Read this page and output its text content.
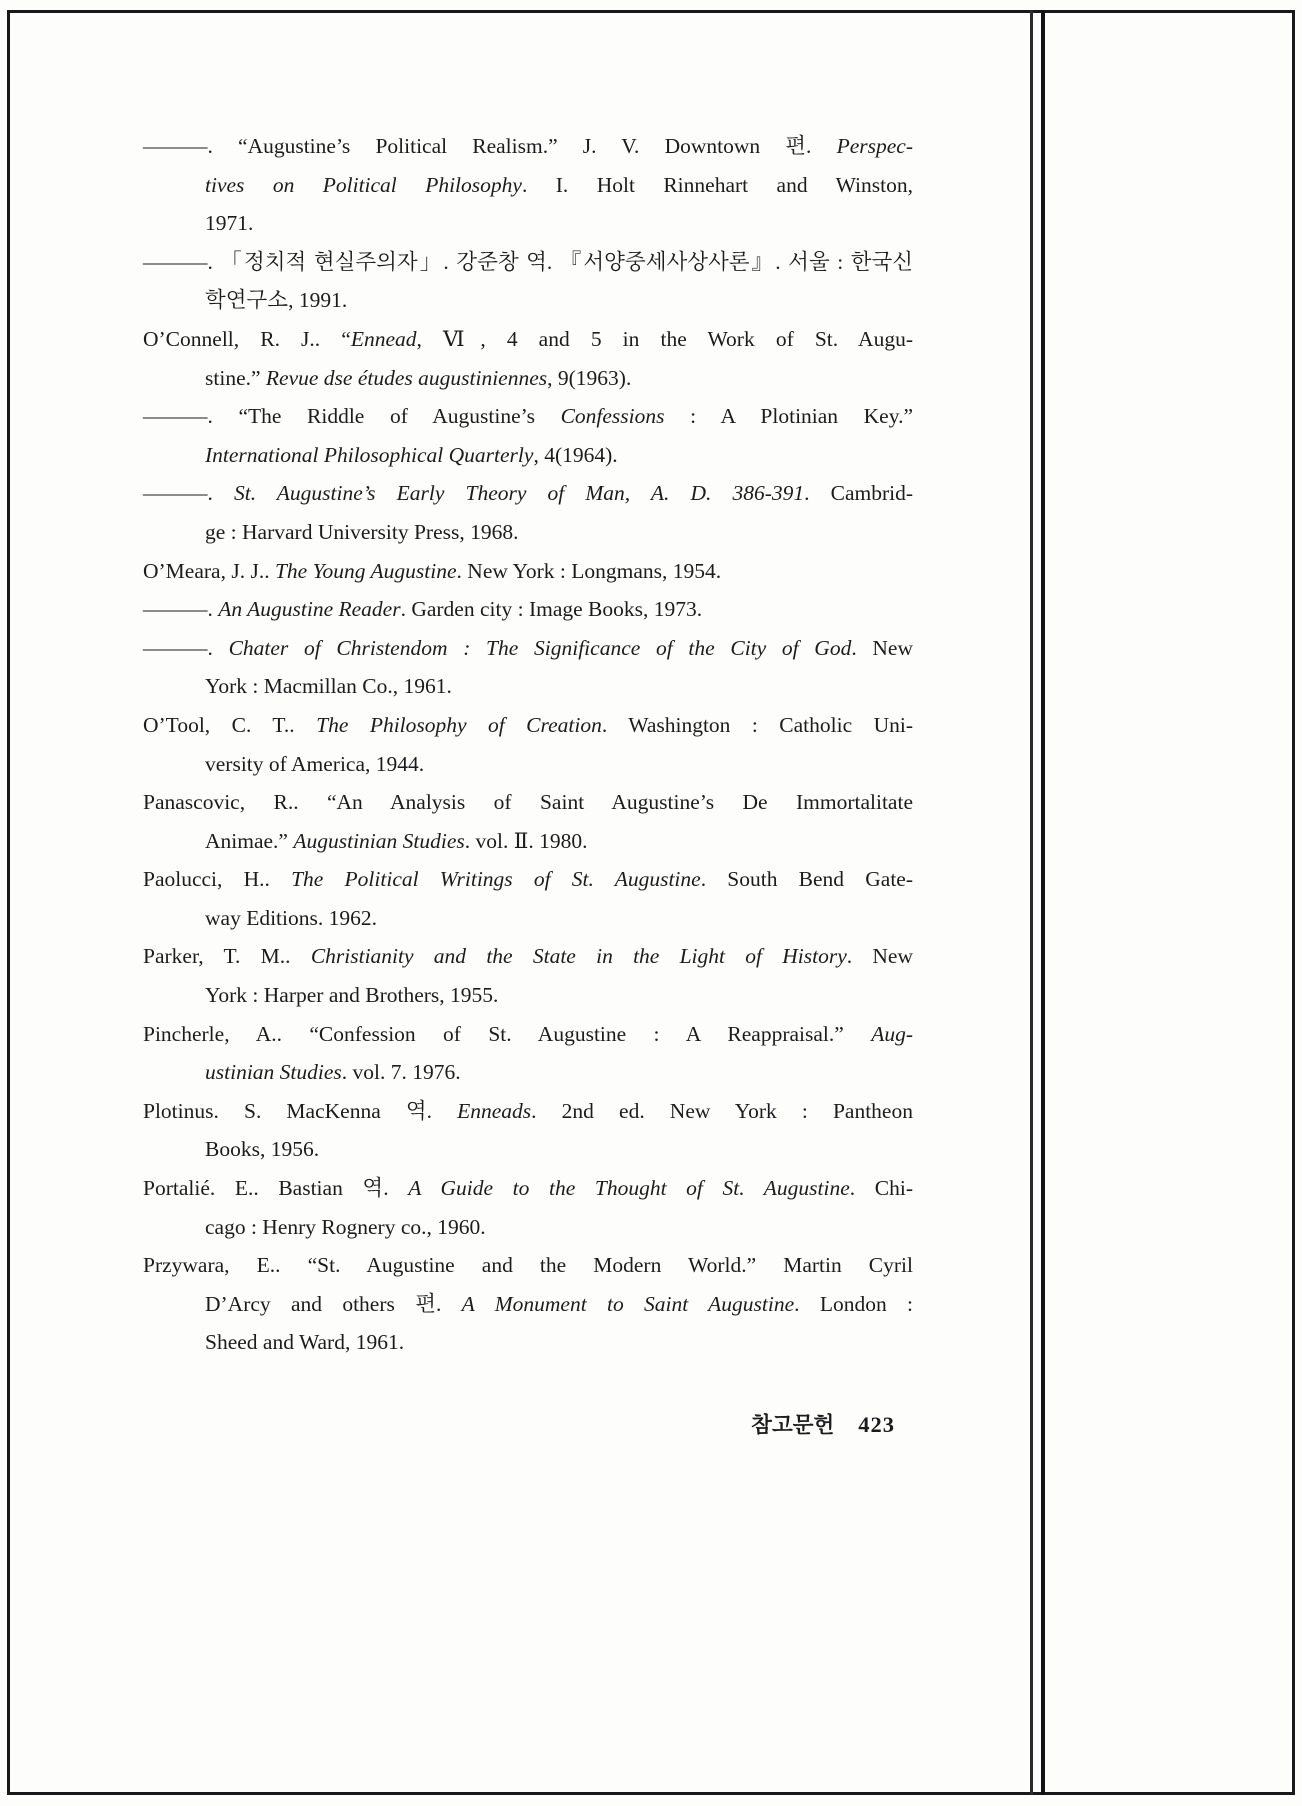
———. “Augustine’s Political Realism.” J. V. Downtown 편. Perspec-
tives on Political Philosophy. I. Holt Rinnehart and Winston,
1971.
———. 「정치적 현실주의자」. 강준창 역. 『서양중세사상사론』. 서울 : 한국신
학연구소, 1991.
O’Connell, R. J.. “Ennead, Ⅵ, 4 and 5 in the Work of St. Augu-
stine.” Revue dse études augustiniennes, 9(1963).
———. “The Riddle of Augustine’s Confessions : A Plotinian Key.”
International Philosophical Quarterly, 4(1964).
———. St. Augustine’s Early Theory of Man, A. D. 386-391. Cambrid-
ge : Harvard University Press, 1968.
O’Meara, J. J.. The Young Augustine. New York : Longmans, 1954.
———. An Augustine Reader. Garden city : Image Books, 1973.
———. Chater of Christendom : The Significance of the City of God. New
York : Macmillan Co., 1961.
O’Tool, C. T.. The Philosophy of Creation. Washington : Catholic Uni-
versity of America, 1944.
Panascovic, R.. “An Analysis of Saint Augustine’s De Immortalitate
Animae.” Augustinian Studies. vol. Ⅱ. 1980.
Paolucci, H.. The Political Writings of St. Augustine. South Bend Gate-
way Editions. 1962.
Parker, T. M.. Christianity and the State in the Light of History. New
York : Harper and Brothers, 1955.
Pincherle, A.. “Confession of St. Augustine : A Reappraisal.” Aug-
ustinian Studies. vol. 7. 1976.
Plotinus. S. MacKenna 역. Enneads. 2nd ed. New York : Pantheon
Books, 1956.
Portalié. E.. Bastian 역. A Guide to the Thought of St. Augustine. Chi-
cago : Henry Rognery co., 1960.
Przywara, E.. “St. Augustine and the Modern World.” Martin Cyril
D’Arcy and others 편. A Monument to Saint Augustine. London :
Sheed and Ward, 1961.
참고문헌 423
